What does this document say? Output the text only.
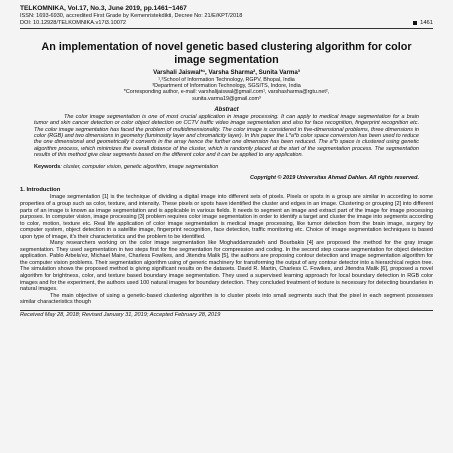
TELKOMNIKA, Vol.17, No.3, June 2019, pp.1461~1467
ISSN: 1693-6930, accredited First Grade by Kemenristekdikti, Decree No: 21/E/KPT/2018
DOI: 10.12928/TELKOMNIKA.v17i3.10072	1461
An implementation of novel genetic based clustering algorithm for color image segmentation
Varshali Jaiswal*¹, Varsha Sharma², Sunita Varma³
¹,²School of Information Technology, RGPV, Bhopal, India
³Department of Information Technology, SGSITS, Indore, India
*Corresponding author, e-mail: varshalijaiswal@gmail.com¹, varshasharma@rgtu.net²,
sunita.varma19@gmail.com³
Abstract
The color image segmentation is one of most crucial application in image processing. It can apply to medical image segmentation for a brain tumor and skin cancer detection or color object detection on CCTV traffic video image segmentation and also for face recognition, fingerprint recognition etc. The color image segmentation has faced the problem of multidimensionality. The color image is considered in five-dimensional problems, three dimensions in color (RGB) and two dimensions in geometry (luminosity layer and chromaticity layer). In this paper the L*a*b color space conversion has been used to reduce the one dimensional and geometrically it converts in the array hence the further one dimension has been reduced. The a*b space is clustered using genetic algorithm process, which minimizes the overall distance of the cluster, which is randomly placed at the start of the segmentation process. The segmentation results of this method give clear segments based on the different color and it can be applied to any application.
Keywords: cluster, computer vision, genetic algorithm, image segmentation
Copyright © 2019 Universitas Ahmad Dahlan. All rights reserved.
1. Introduction
Image segmentation [1] is the technique of dividing a digital image into different sets of pixels. Pixels or spots in a group are similar in according to some properties of a group such as color, texture, and intensity. These pixels or spots have identified the cluster and edges in an image. Clustering or grouping [2] into different parts of an image is known as image segmentation and is applicable in various fields. It needs to segment an image and extract part of the image for image processing purposes. In computer vision, image processing [3] problem requires color image segmentation in order to identify a target and cluster the image into segments according to color, motion, texture etc. Real life application of color image segmentation is medical image processing, like tumor detection from the brain image, surgery by computer system, object detection in a satellite image, fingerprint recognition, face detection, traffic monitoring etc. Choice of image segmentation techniques is based upon type of image, it's their characteristics and the problem to be identified.
Many researchers working on the color image segmentation like Moghaddamzadeh and Bourbakis [4] are proposed the method for the gray image segmentation. They used segmentation in two steps first for fine segmentation for compression and coding. In the second step coarse segmentation for object detection application. Pablo Arbela'ez, Michael Maire, Charless Fowlkes, and Jitendra Malik [5], the authors are proposing contour detection and image segmentation algorithm for the computer vision problems. Their segmentation algorithm using of generic machinery for transforming the output of any contour detector into a hierarchical region tree. The simulation shows the proposed method is giving significant results on the datasets. David R. Martin, Charless C. Fowlkes, and Jitendra Malik [6], proposed a novel algorithm for brightness, color, and texture based boundary image segmentation. They used a supervised learning approach for local boundary detection in RGB color images and for the experiment, the authors used 100 natural images for boundary detection. They concluded treatment of texture is necessary for detecting boundaries in natural images.
The main objective of using a genetic-based clustering algorithm is to cluster pixels into small segments such that the pixel in each segment possesses similar characteristics though
Received May 28, 2018; Revised January 31, 2019; Accepted February 28, 2019
